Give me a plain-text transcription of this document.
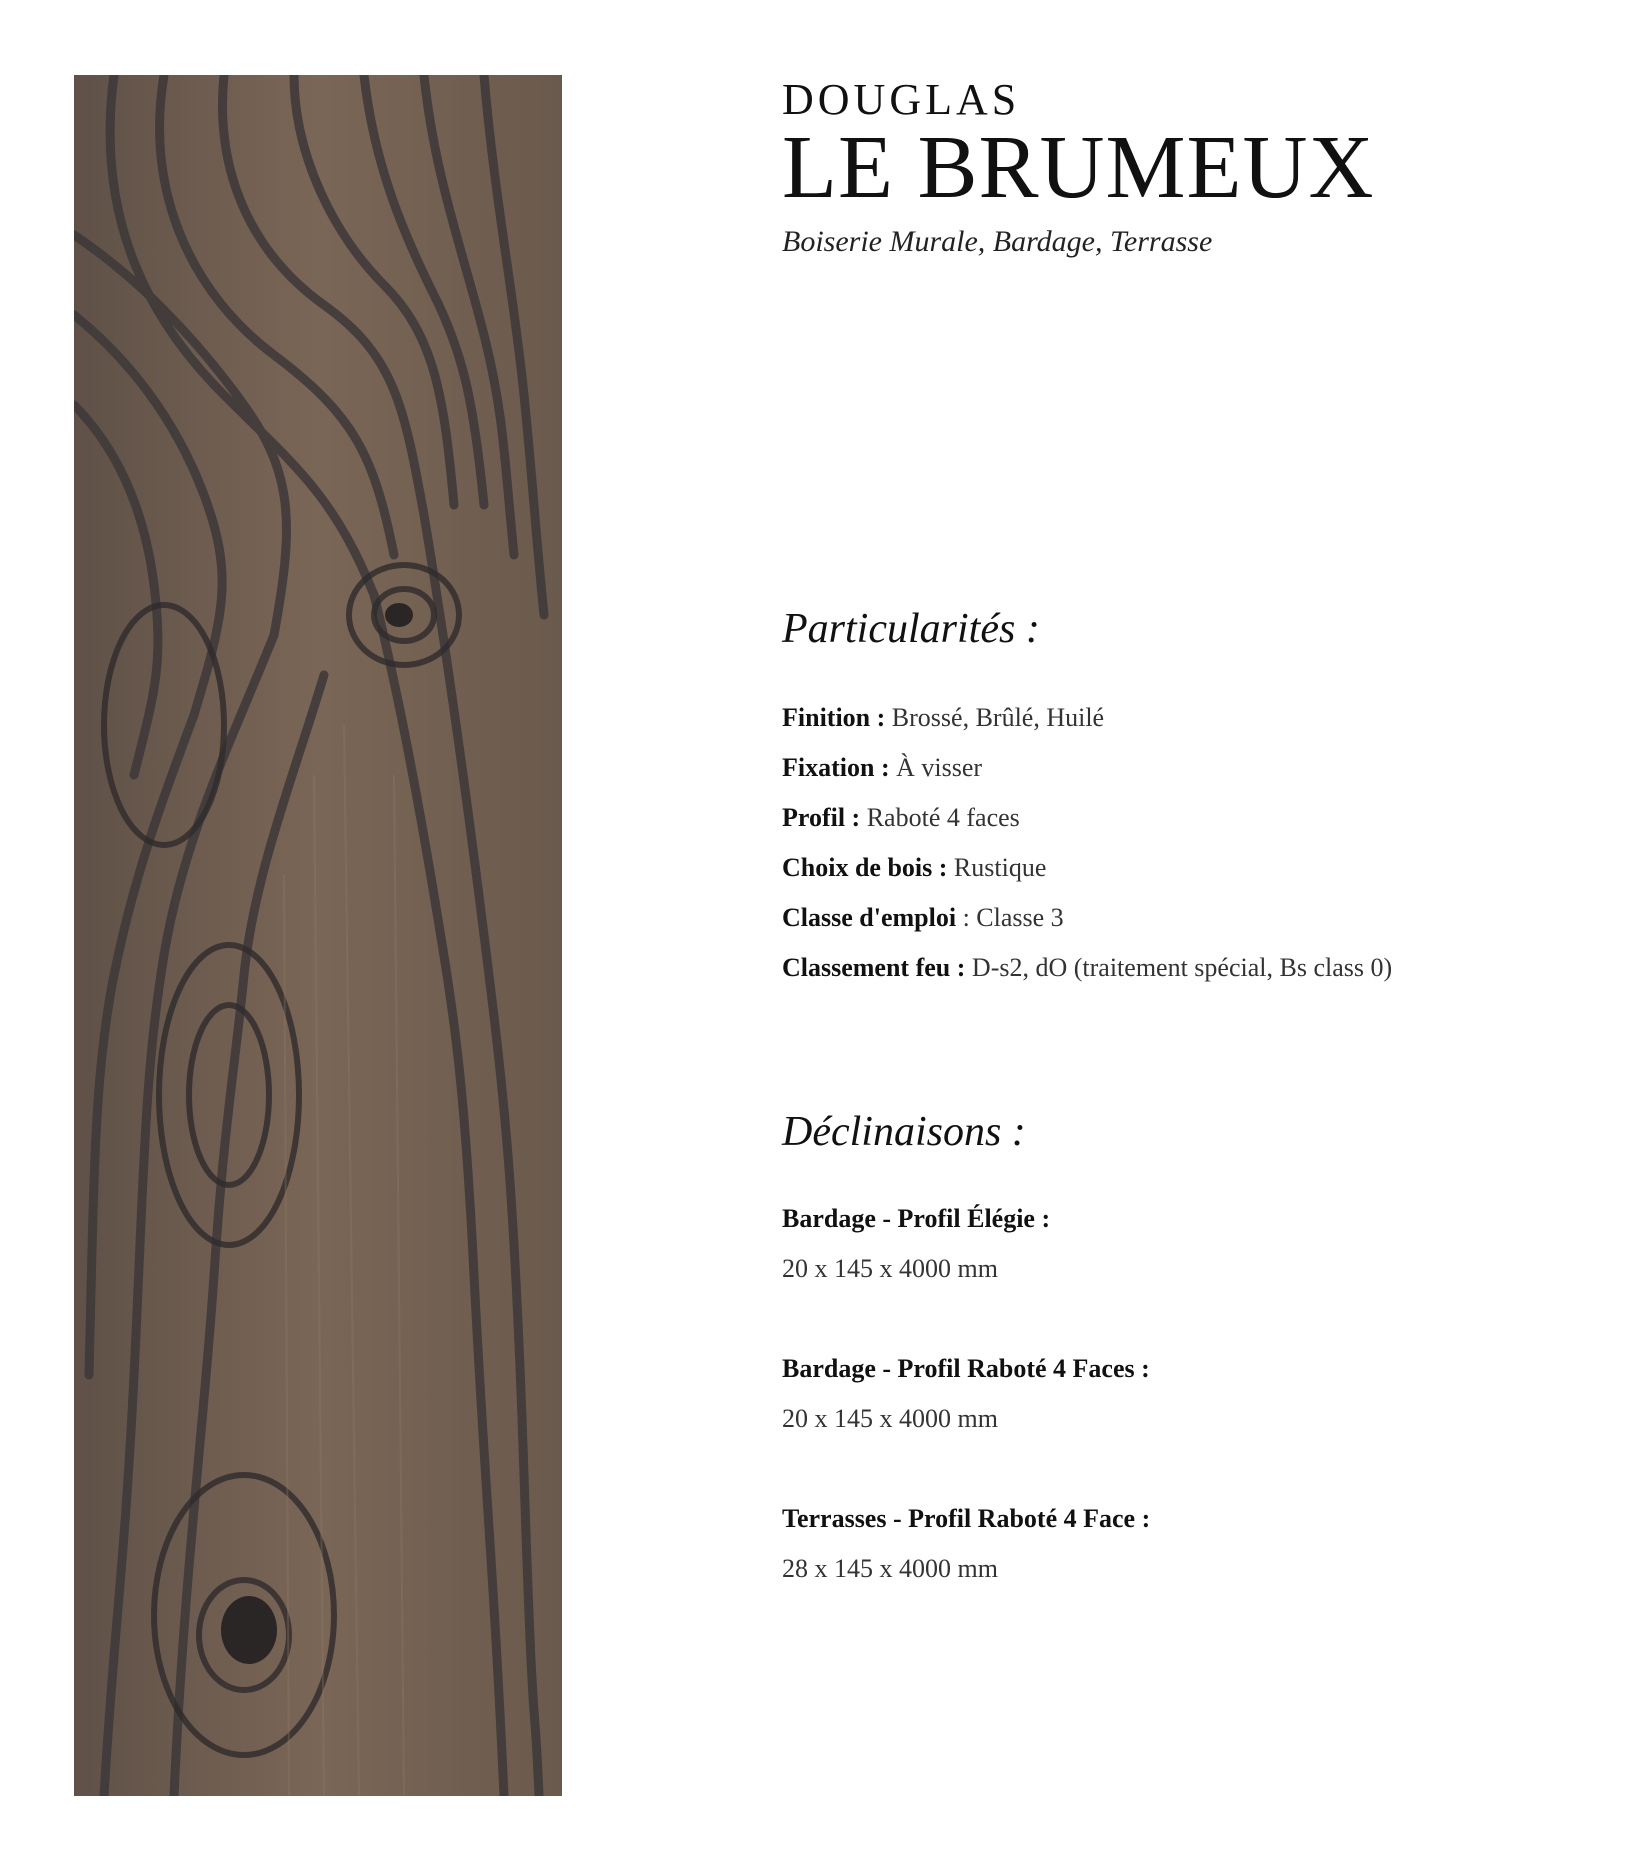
DOUGLAS
LE BRUMEUX

Boiserie Murale, Bardage, Terrasse

Particularités :
Finition : Brossé, Brûlé, Huilé
Fixation : À visser
Profil : Raboté 4 faces
Choix de bois : Rustique
Classe d'emploi : Classe 3
Classement feu : D-s2, dO (traitement spécial, Bs class 0)
Déclinaisons :
Bardage - Profil Élégie :
20 x 145 x 4000 mm
Bardage - Profil Raboté 4 Faces :
20 x 145 x 4000 mm
Terrasses - Profil Raboté 4 Face :
28 x 145 x 4000 mm
